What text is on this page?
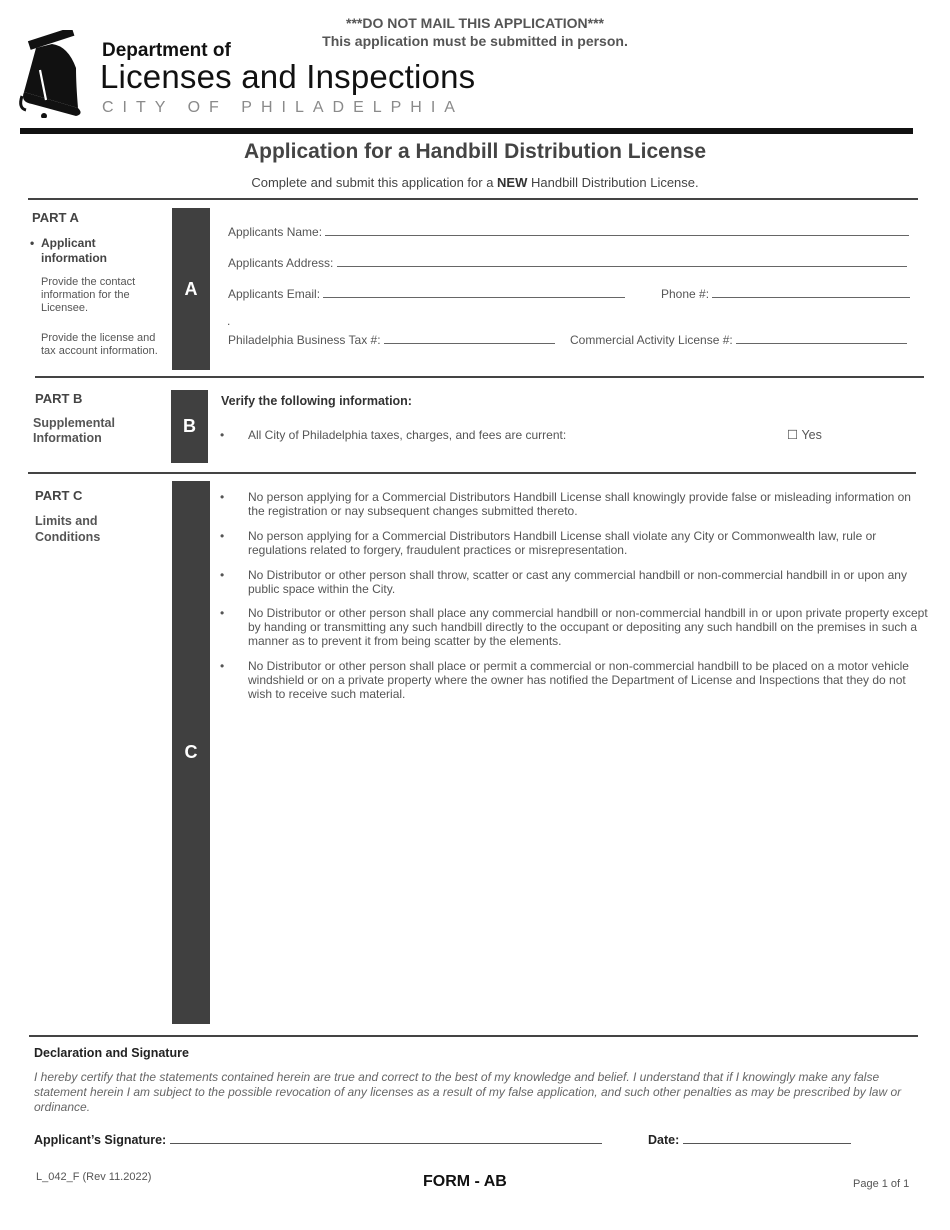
***DO NOT MAIL THIS APPLICATION***
This application must be submitted in person.
Department of
Licenses and Inspections
CITY OF PHILADELPHIA
Application for a Handbill Distribution License
Complete and submit this application for a NEW Handbill Distribution License.
PART A
• Applicant
information
Provide the contact
information for the
Licensee.
Provide the license and
tax account information.
A
Applicants Name:
Applicants Address:
Applicants Email:	Phone #:
.
Philadelphia Business Tax #:	Commercial Activity License #:
PART B
Supplemental
Information
B
Verify the following information:
• All City of Philadelphia taxes, charges, and fees are current:	☐ Yes
PART C
Limits and
Conditions
C
• No person applying for a Commercial Distributors Handbill License shall knowingly provide false or misleading information on the registration or nay subsequent changes submitted thereto.
• No person applying for a Commercial Distributors Handbill License shall violate any City or Commonwealth law, rule or regulations related to forgery, fraudulent practices or misrepresentation.
• No Distributor or other person shall throw, scatter or cast any commercial handbill or non-commercial handbill in or upon any public space within the City.
• No Distributor or other person shall place any commercial handbill or non-commercial handbill in or upon private property except by handing or transmitting any such handbill directly to the occupant or depositing any such handbill on the premises in such a manner as to prevent it from being scatter by the elements.
• No Distributor or other person shall place or permit a commercial or non-commercial handbill to be placed on a motor vehicle windshield or on a private property where the owner has notified the Department of License and Inspections that they do not wish to receive such material.
Declaration and Signature
I hereby certify that the statements contained herein are true and correct to the best of my knowledge and belief. I understand that if I knowingly make any false statement herein I am subject to the possible revocation of any licenses as a result of my false application, and such other penalties as may be prescribed by law or ordinance.
Applicant’s Signature:	Date:
L_042_F (Rev 11.2022)	FORM - AB	Page 1 of 1
